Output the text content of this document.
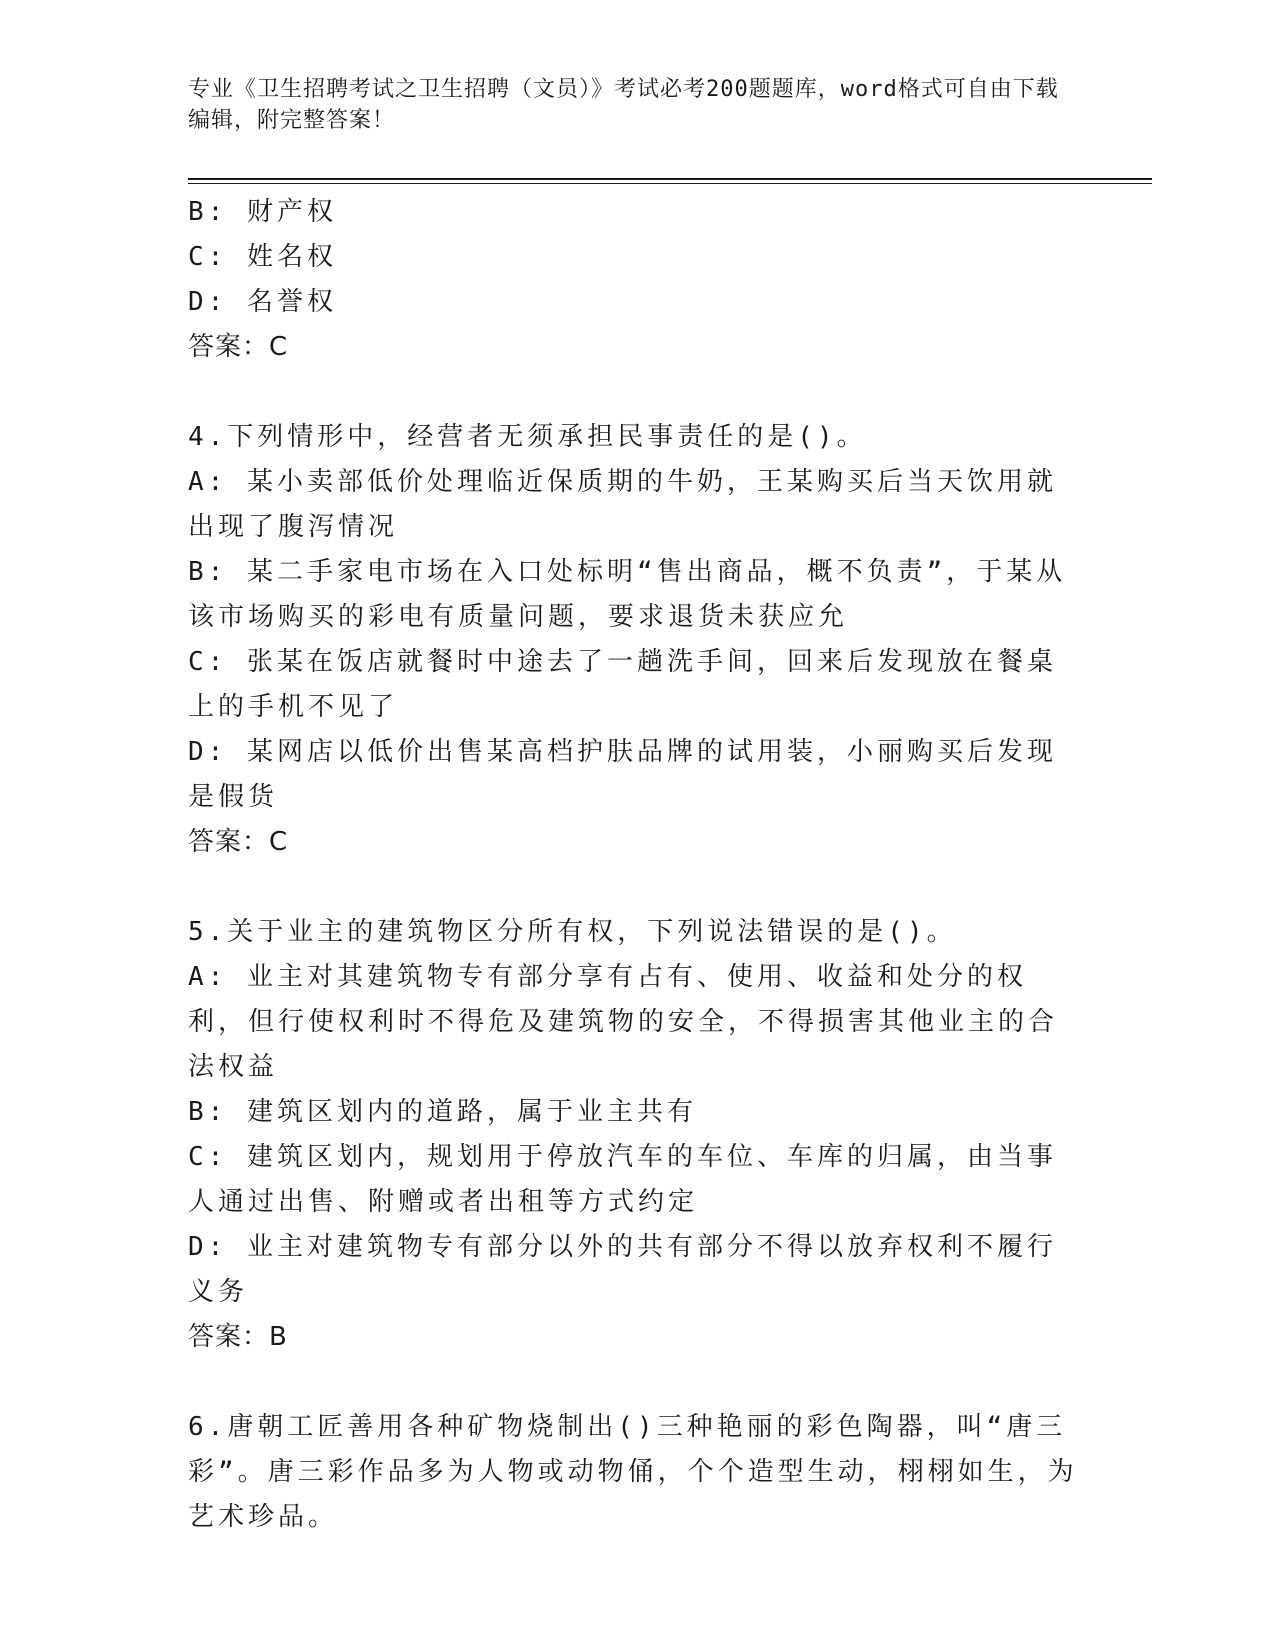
专业《卫生招聘考试之卫生招聘（文员）》考试必考200题题库，word格式可自由下载编辑，附完整答案！

B: 财产权

C: 姓名权

D: 名誉权

答案：C

4.下列情形中，经营者无须承担民事责任的是()。

A: 某小卖部低价处理临近保质期的牛奶，王某购买后当天饮用就出现了腹泻情况

B: 某二手家电市场在入口处标明“售出商品，概不负责”，于某从该市场购买的彩电有质量问题，要求退货未获应允

C: 张某在饭店就餐时中途去了一趟洗手间，回来后发现放在餐桌上的手机不见了

D: 某网店以低价出售某高档护肤品牌的试用装，小丽购买后发现是假货

答案：C

5.关于业主的建筑物区分所有权，下列说法错误的是()。

A: 业主对其建筑物专有部分享有占有、使用、收益和处分的权利，但行使权利时不得危及建筑物的安全，不得损害其他业主的合法权益

B: 建筑区划内的道路，属于业主共有

C: 建筑区划内，规划用于停放汽车的车位、车库的归属，由当事人通过出售、附赠或者出租等方式约定

D: 业主对建筑物专有部分以外的共有部分不得以放弃权利不履行义务

答案：B

6.唐朝工匠善用各种矿物烧制出()三种艳丽的彩色陶器，叫“唐三彩”。唐三彩作品多为人物或动物俑，个个造型生动，栩栩如生，为艺术珍品。
